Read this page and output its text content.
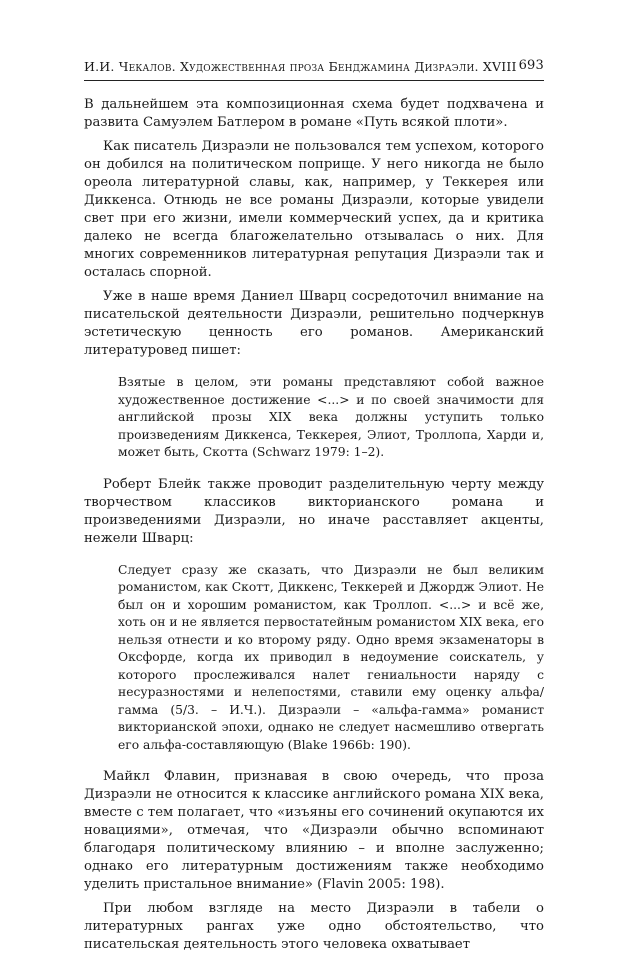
И.И. Чекалов. Художественная проза Бенджамина Дизраэли. XVIII 693

В дальнейшем эта композиционная схема будет подхвачена и развита Самуэлем Батлером в романе «Путь всякой плоти».

Как писатель Дизраэли не пользовался тем успехом, которого он добился на политическом поприще. У него никогда не было ореола литературной славы, как, например, у Теккерея или Диккенса. Отнюдь не все романы Дизраэли, которые увидели свет при его жизни, имели коммерческий успех, да и критика далеко не всегда благожелательно отзывалась о них. Для многих современников литературная репутация Дизраэли так и осталась спорной.

Уже в наше время Даниел Шварц сосредоточил внимание на писательской деятельности Дизраэли, решительно подчеркнув эстетическую ценность его романов. Американский литературовед пишет:

Взятые в целом, эти романы представляют собой важное художественное достижение <...> и по своей значимости для английской прозы XIX века должны уступить только произведениям Диккенса, Теккерея, Элиот, Троллопа, Харди и, может быть, Скотта (Schwarz 1979: 1–2).

Роберт Блейк также проводит разделительную черту между творчеством классиков викторианского романа и произведениями Дизраэли, но иначе расставляет акценты, нежели Шварц:

Следует сразу же сказать, что Дизраэли не был великим романистом, как Скотт, Диккенс, Теккерей и Джордж Элиот. Не был он и хорошим романистом, как Троллоп. <...> и всё же, хоть он и не является первостатейным романистом XIX века, его нельзя отнести и ко второму ряду. Одно время экзаменаторы в Оксфорде, когда их приводил в недоумение соискатель, у которого прослеживался налет гениальности наряду с несуразностями и нелепостями, ставили ему оценку альфа/гамма (5/3. – И.Ч.). Дизраэли – «альфа-гамма» романист викторианской эпохи, однако не следует насмешливо отвергать его альфа-составляющую (Blake 1966b: 190).

Майкл Флавин, признавая в свою очередь, что проза Дизраэли не относится к классике английского романа XIX века, вместе с тем полагает, что «изъяны его сочинений окупаются их новациями», отмечая, что «Дизраэли обычно вспоминают благодаря политическому влиянию – и вполне заслуженно; однако его литературным достижениям также необходимо уделить пристальное внимание» (Flavin 2005: 198).

При любом взгляде на место Дизраэли в табели о литературных рангах уже одно обстоятельство, что писательская деятельность этого человека охватывает
